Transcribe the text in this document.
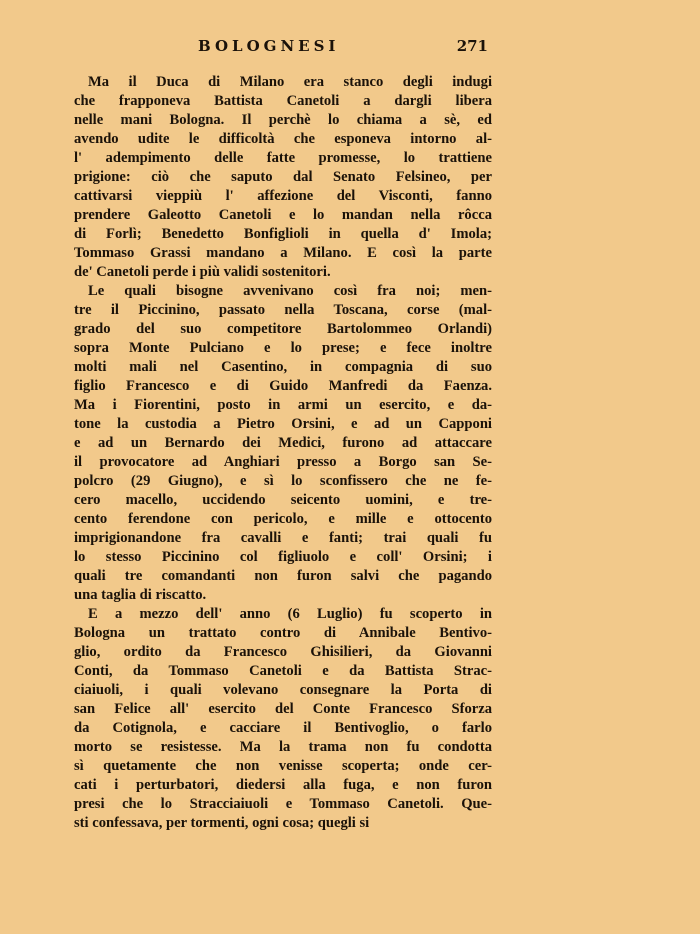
BOLOGNESI	271
Ma il Duca di Milano era stanco degli indugi
che frapponeva Battista Canetoli a dargli libera
nelle mani Bologna. Il perchè lo chiama a sè, ed
avendo udite le difficoltà che esponeva intorno al-
l' adempimento delle fatte promesse, lo trattiene
prigione: ciò che saputo dal Senato Felsineo, per
cattivarsi vieppiù l' affezione del Visconti, fanno
prendere Galeotto Canetoli e lo mandan nella rôcca
di Forlì; Benedetto Bonfiglioli in quella d' Imola;
Tommaso Grassi mandano a Milano. E così la parte
de' Canetoli perde i più validi sostenitori.
Le quali bisogne avvenivano così fra noi; men-
tre il Piccinino, passato nella Toscana, corse (mal-
grado del suo competitore Bartolommeo Orlandi)
sopra Monte Pulciano e lo prese; e fece inoltre
molti mali nel Casentino, in compagnia di suo
figlio Francesco e di Guido Manfredi da Faenza.
Ma i Fiorentini, posto in armi un esercito, e da-
tone la custodia a Pietro Orsini, e ad un Capponi
e ad un Bernardo dei Medici, furono ad attaccare
il provocatore ad Anghiari presso a Borgo san Se-
polcro (29 Giugno), e sì lo sconfissero che ne fe-
cero macello, uccidendo seicento uomini, e tre-
cento ferendone con pericolo, e mille e ottocento
imprigionandone fra cavalli e fanti; trai quali fu
lo stesso Piccinino col figliuolo e coll' Orsini; i
quali tre comandanti non furon salvi che pagando
una taglia di riscatto.
E a mezzo dell' anno (6 Luglio) fu scoperto in
Bologna un trattato contro di Annibale Bentivo-
glio, ordito da Francesco Ghisilieri, da Giovanni
Conti, da Tommaso Canetoli e da Battista Strac-
ciaiuoli, i quali volevano consegnare la Porta di
san Felice all' esercito del Conte Francesco Sforza
da Cotignola, e cacciare il Bentivoglio, o farlo
morto se resistesse. Ma la trama non fu condotta
sì quetamente che non venisse scoperta; onde cer-
cati i perturbatori, diedersi alla fuga, e non furon
presi che lo Stracciaiuoli e Tommaso Canetoli. Que-
sti confessava, per tormenti, ogni cosa; quegli si
